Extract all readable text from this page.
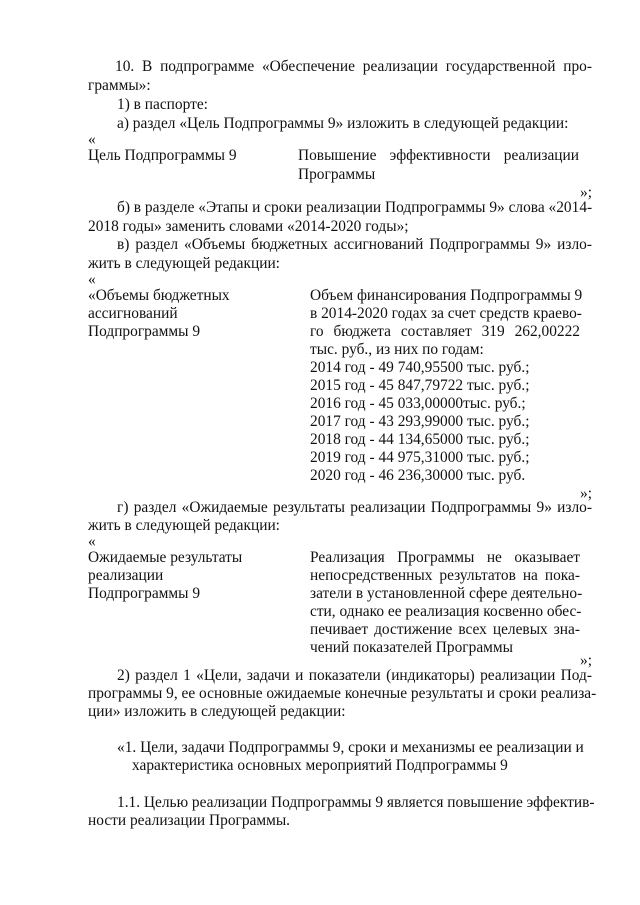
10. В подпрограмме «Обеспечение реализации государственной про-
граммы»:
1) в паспорте:
а) раздел «Цель Подпрограммы 9» изложить в следующей редакции:
«
Цель Подпрограммы 9	Повышение эффективности реализации
Программы
»;
б) в разделе «Этапы и сроки реализации Подпрограммы 9» слова «2014-
2018 годы» заменить словами «2014-2020 годы»;
в) раздел «Объемы бюджетных ассигнований Подпрограммы 9» изло-
жить в следующей редакции:
«
«Объемы бюджетных
ассигнований
Подпрограммы 9
Объем финансирования Подпрограммы 9
в 2014-2020 годах за счет средств краево-
го бюджета составляет 319 262,00222
тыс. руб., из них по годам:
2014 год - 49 740,95500 тыс. руб.;
2015 год - 45 847,79722 тыс. руб.;
2016 год - 45 033,00000тыс. руб.;
2017 год - 43 293,99000 тыс. руб.;
2018 год - 44 134,65000 тыс. руб.;
2019 год - 44 975,31000 тыс. руб.;
2020 год - 46 236,30000 тыс. руб.
»;
г) раздел «Ожидаемые результаты реализации Подпрограммы 9» изло-
жить в следующей редакции:
«
Ожидаемые результаты
реализации
Подпрограммы 9
Реализация Программы не оказывает
непосредственных результатов на пока-
затели в установленной сфере деятельно-
сти, однако ее реализация косвенно обес-
печивает достижение всех целевых зна-
чений показателей Программы
»;
2) раздел 1 «Цели, задачи и показатели (индикаторы) реализации Под-
программы 9, ее основные ожидаемые конечные результаты и сроки реализа-
ции» изложить в следующей редакции:
«1. Цели, задачи Подпрограммы 9, сроки и механизмы ее реализации и
характеристика основных мероприятий Подпрограммы 9
1.1. Целью реализации Подпрограммы 9 является повышение эффектив-
ности реализации Программы.
